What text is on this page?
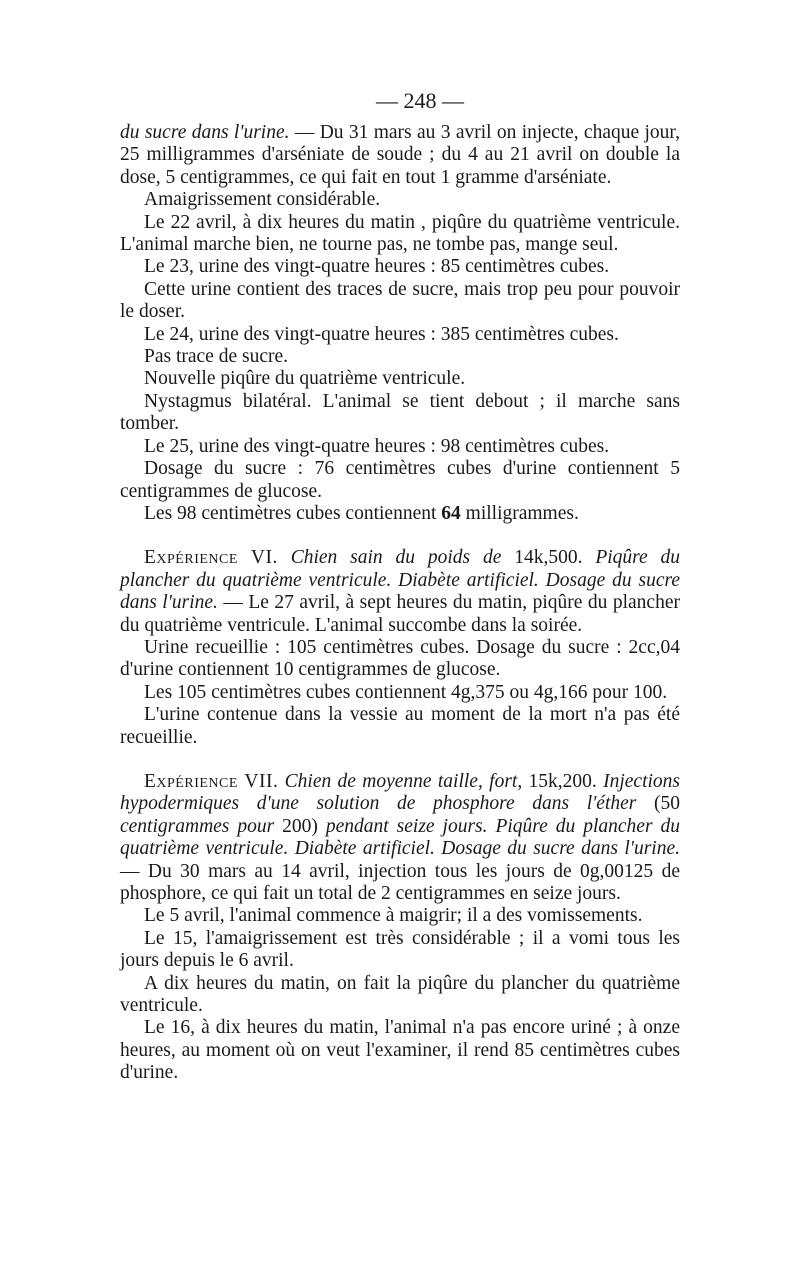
— 248 —

du sucre dans l'urine. — Du 31 mars au 3 avril on injecte, chaque jour, 25 milligrammes d'arséniate de soude ; du 4 au 21 avril on double la dose, 5 centigrammes, ce qui fait en tout 1 gramme d'arséniate.

Amaigrissement considérable.

Le 22 avril, à dix heures du matin , piqûre du quatrième ventricule. L'animal marche bien, ne tourne pas, ne tombe pas, mange seul.

Le 23, urine des vingt-quatre heures : 85 centimètres cubes.

Cette urine contient des traces de sucre, mais trop peu pour pouvoir le doser.

Le 24, urine des vingt-quatre heures : 385 centimètres cubes.

Pas trace de sucre.

Nouvelle piqûre du quatrième ventricule.

Nystagmus bilatéral. L'animal se tient debout ; il marche sans tomber.

Le 25, urine des vingt-quatre heures : 98 centimètres cubes.

Dosage du sucre : 76 centimètres cubes d'urine contiennent 5 centigrammes de glucose.

Les 98 centimètres cubes contiennent 64 milligrammes.

Expérience VI. Chien sain du poids de 14k,500. Piqûre du plancher du quatrième ventricule. Diabète artificiel. Dosage du sucre dans l'urine. — Le 27 avril, à sept heures du matin, piqûre du plancher du quatrième ventricule. L'animal succombe dans la soirée.

Urine recueillie : 105 centimètres cubes. Dosage du sucre : 2cc,04 d'urine contiennent 10 centigrammes de glucose.

Les 105 centimètres cubes contiennent 4g,375 ou 4g,166 pour 100.

L'urine contenue dans la vessie au moment de la mort n'a pas été recueillie.

Expérience VII. Chien de moyenne taille, fort, 15k,200. Injections hypodermiques d'une solution de phosphore dans l'éther (50 centigrammes pour 200) pendant seize jours. Piqûre du plancher du quatrième ventricule. Diabète artificiel. Dosage du sucre dans l'urine. — Du 30 mars au 14 avril, injection tous les jours de 0g,00125 de phosphore, ce qui fait un total de 2 centigrammes en seize jours.

Le 5 avril, l'animal commence à maigrir; il a des vomissements.

Le 15, l'amaigrissement est très considérable ; il a vomi tous les jours depuis le 6 avril.

A dix heures du matin, on fait la piqûre du plancher du quatrième ventricule.

Le 16, à dix heures du matin, l'animal n'a pas encore uriné ; à onze heures, au moment où on veut l'examiner, il rend 85 centimètres cubes d'urine.
